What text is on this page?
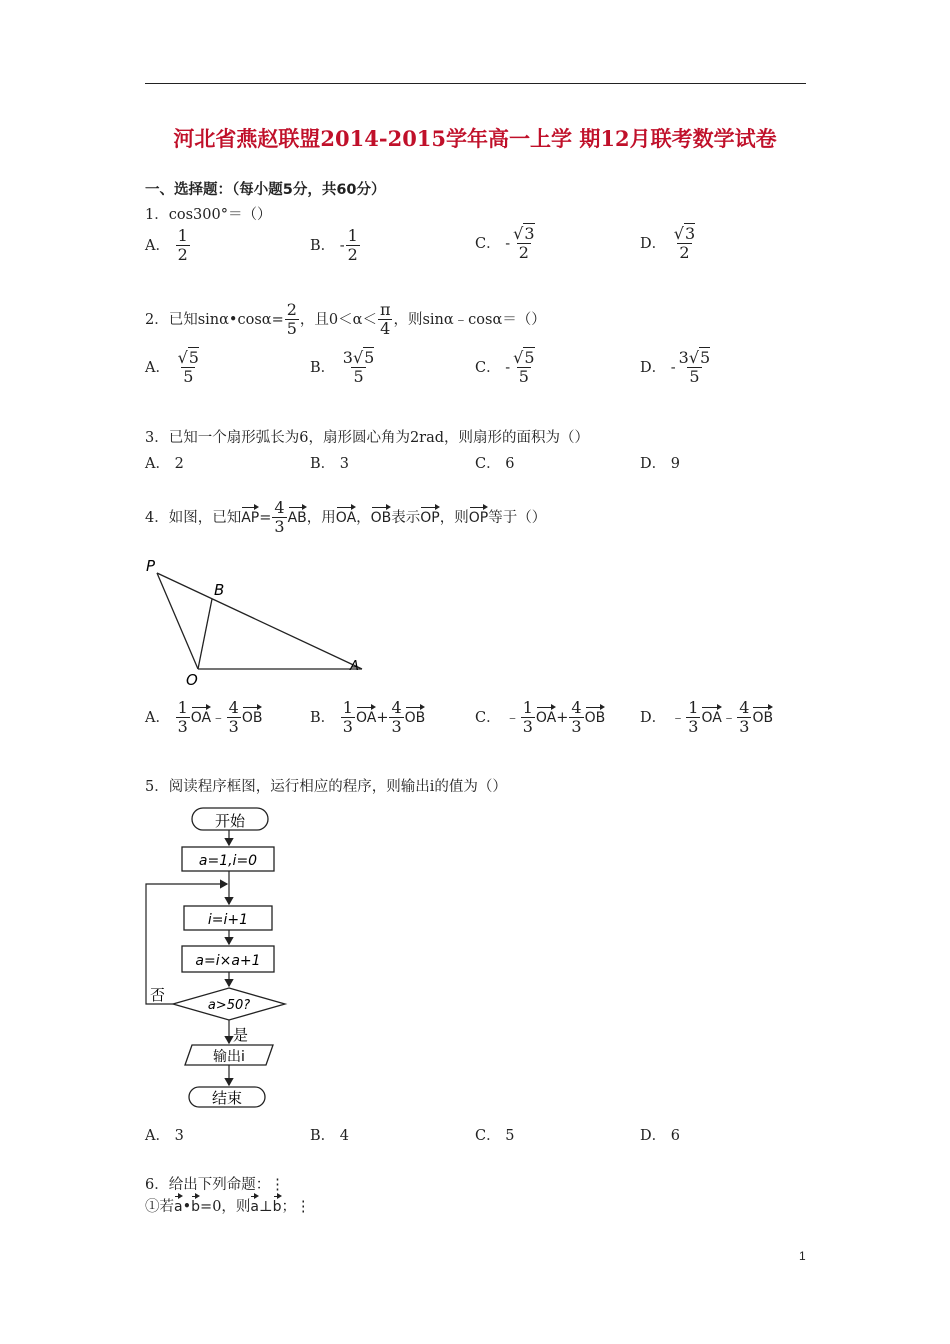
河北省燕赵联盟2014-2015学年高一上学 期12月联考数学试卷
一、选择题：（每小题5分，共60分）
1．cos300°＝（）
A． $\frac{1}{2}$	B． - $\frac{1}{2}$	C． - $\frac{√3}{2}$	D． $\frac{√3}{2}$
2．已知sinα•cosα= $\frac{2}{5}$ ，且$0<\alpha< \frac{\pi}{4}$ ，则sinα﹣cosα＝（）
A． $\frac{√5}{5}$	B． $\frac{3√5}{5}$	C． - $\frac{√5}{5}$	D． - $\frac{3√5}{5}$
3．已知一个扇形弧长为6，扇形圆心角为2rad，则扇形的面积为（）
A． 2	B． 3	C． 6	D． 9
4．如图，已知$AP= \frac{4}{3}$ AB，用OA，OB表示OP，则OP等于（）
P
B
O
A
A． $\frac{1}{3}$ OA﹣ $\frac{4}{3}$ OB	B． $\frac{1}{3} OA+ \frac{4}{3}$ OB	C． ﹣ $\frac{1}{3} OA+ \frac{4}{3}$ OB D． ﹣ $\frac{1}{3}$ OA﹣ $\frac{4}{3}$ OB
5．阅读程序框图，运行相应的程序，则输出i的值为（）
开始
a=1,i=0
i=i+1
a=i×a+1
a>50?
否
是
输出i
结束
A． 3	B． 4	C． 5	D． 6
6．给出下列命题：⋮
①若a•b=0，则a⊥b；⋮
1
